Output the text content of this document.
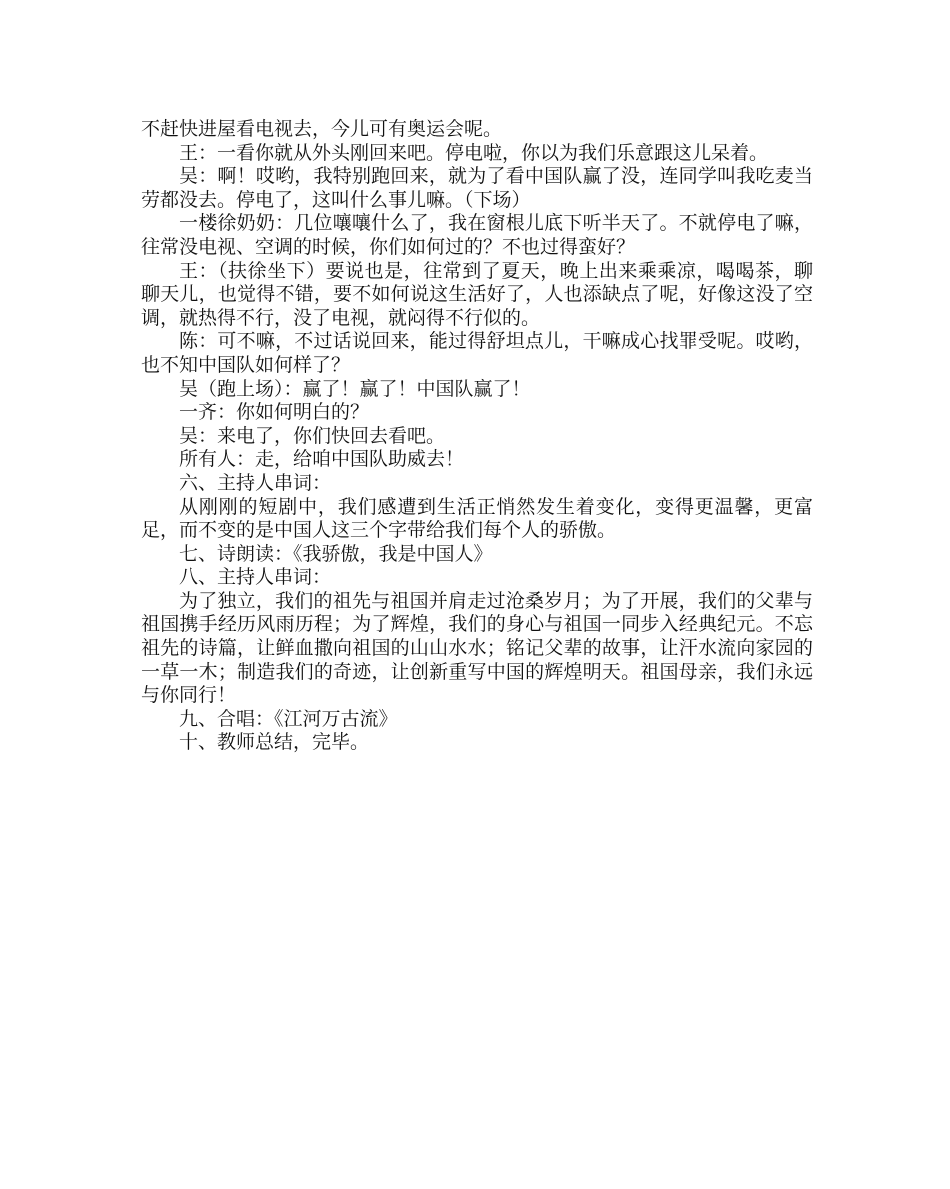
不赶快进屋看电视去，今儿可有奥运会呢。

王：一看你就从外头刚回来吧。停电啦，你以为我们乐意跟这儿呆着。

吴：啊！哎哟，我特别跑回来，就为了看中国队赢了没，连同学叫我吃麦当劳都没去。停电了，这叫什么事儿嘛。（下场）

一楼徐奶奶：几位嚷嚷什么了，我在窗根儿底下听半天了。不就停电了嘛，往常没电视、空调的时候，你们如何过的？不也过得蛮好？

王：（扶徐坐下）要说也是，往常到了夏天，晚上出来乘乘凉，喝喝茶，聊聊天儿，也觉得不错，要不如何说这生活好了，人也添缺点了呢，好像这没了空调，就热得不行，没了电视，就闷得不行似的。

陈：可不嘛，不过话说回来，能过得舒坦点儿，干嘛成心找罪受呢。哎哟，也不知中国队如何样了？

吴（跑上场）：赢了！赢了！中国队赢了！

一齐：你如何明白的？

吴：来电了，你们快回去看吧。

所有人：走，给咱中国队助威去！

六、主持人串词：

从刚刚的短剧中，我们感遭到生活正悄然发生着变化，变得更温馨，更富足，而不变的是中国人这三个字带给我们每个人的骄傲。

七、诗朗读：《我骄傲，我是中国人》

八、主持人串词：

为了独立，我们的祖先与祖国并肩走过沧桑岁月；为了开展，我们的父辈与祖国携手经历风雨历程；为了辉煌，我们的身心与祖国一同步入经典纪元。不忘祖先的诗篇，让鲜血撒向祖国的山山水水；铭记父辈的故事，让汗水流向家园的一草一木；制造我们的奇迹，让创新重写中国的辉煌明天。祖国母亲，我们永远与你同行！

九、合唱：《江河万古流》

十、教师总结，完毕。
